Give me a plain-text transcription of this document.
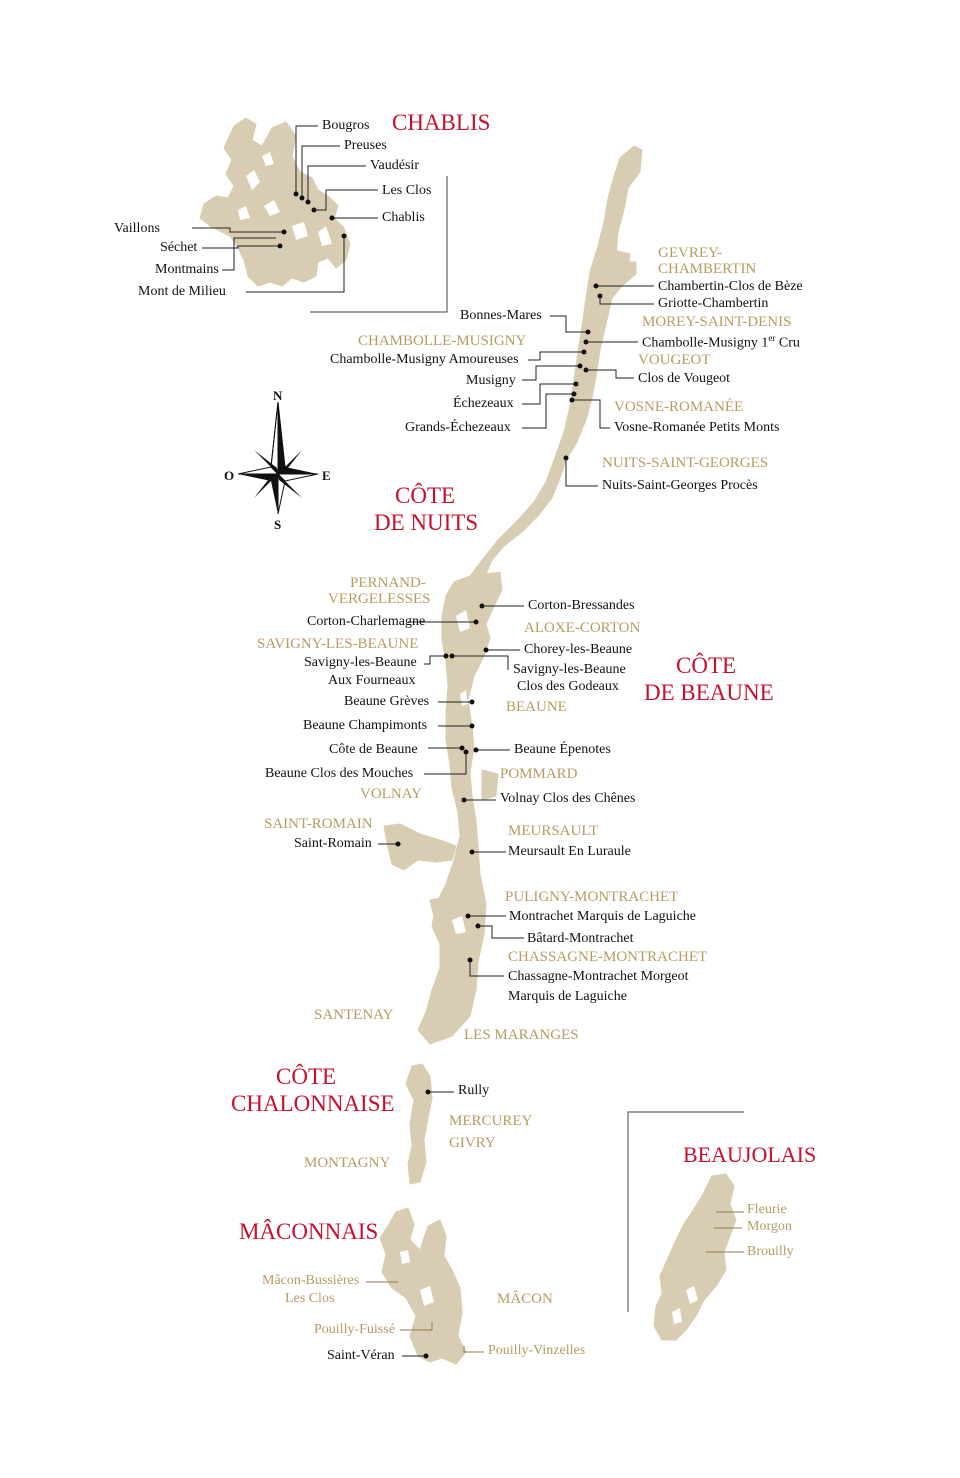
N
E
S
O
CHABLIS
CÔTE
DE NUITS
CÔTE
DE BEAUNE
CÔTE
CHALONNAISE
MÂCONNAIS
BEAUJOLAIS
Bougros
Preuses
Vaudésir
Les Clos
Chablis
Vaillons
Séchet
Montmains
Mont de Milieu
GEVREY-
CHAMBERTIN
Chambertin-Clos de Bèze
Griotte-Chambertin
MOREY-SAINT-DENIS
Bonnes-Mares
CHAMBOLLE-MUSIGNY	Chambolle-Musigny 1er Cru
Chambolle-Musigny Amoureuses	VOUGEOT
Musigny	Clos de Vougeot
VOSNE-ROMANÉE
Échezeaux
Grands-Échezeaux	Vosne-Romanée Petits Monts
NUITS-SAINT-GEORGES
Nuits-Saint-Georges Procès
PERNAND-
VERGELESSES	Corton-Bressandes
Corton-Charlemagne	ALOXE-CORTON
SAVIGNY-LES-BEAUNE	Chorey-les-Beaune
Savigny-les-Beaune
Aux Fourneaux
Savigny-les-Beaune
Clos des Godeaux
Beaune Grèves	BEAUNE
Beaune Champimonts
Côte de Beaune	Beaune Épenotes
Beaune Clos des Mouches	POMMARD
VOLNAY	Volnay Clos des Chênes
SAINT-ROMAIN	MEURSAULT
Saint-Romain
Meursault En Luraule
PULIGNY-MONTRACHET
Montrachet Marquis de Laguiche
Bâtard-Montrachet
CHASSAGNE-MONTRACHET
Chassagne-Montrachet Morgeot
Marquis de Laguiche
SANTENAY
LES MARANGES
Rully
MERCUREY
GIVRY
MONTAGNY
Mâcon-Bussières
Les Clos	MÂCON
Pouilly-Fuissé
Pouilly-Vinzelles
Saint-Véran
Fleurie
Morgon
Brouilly
